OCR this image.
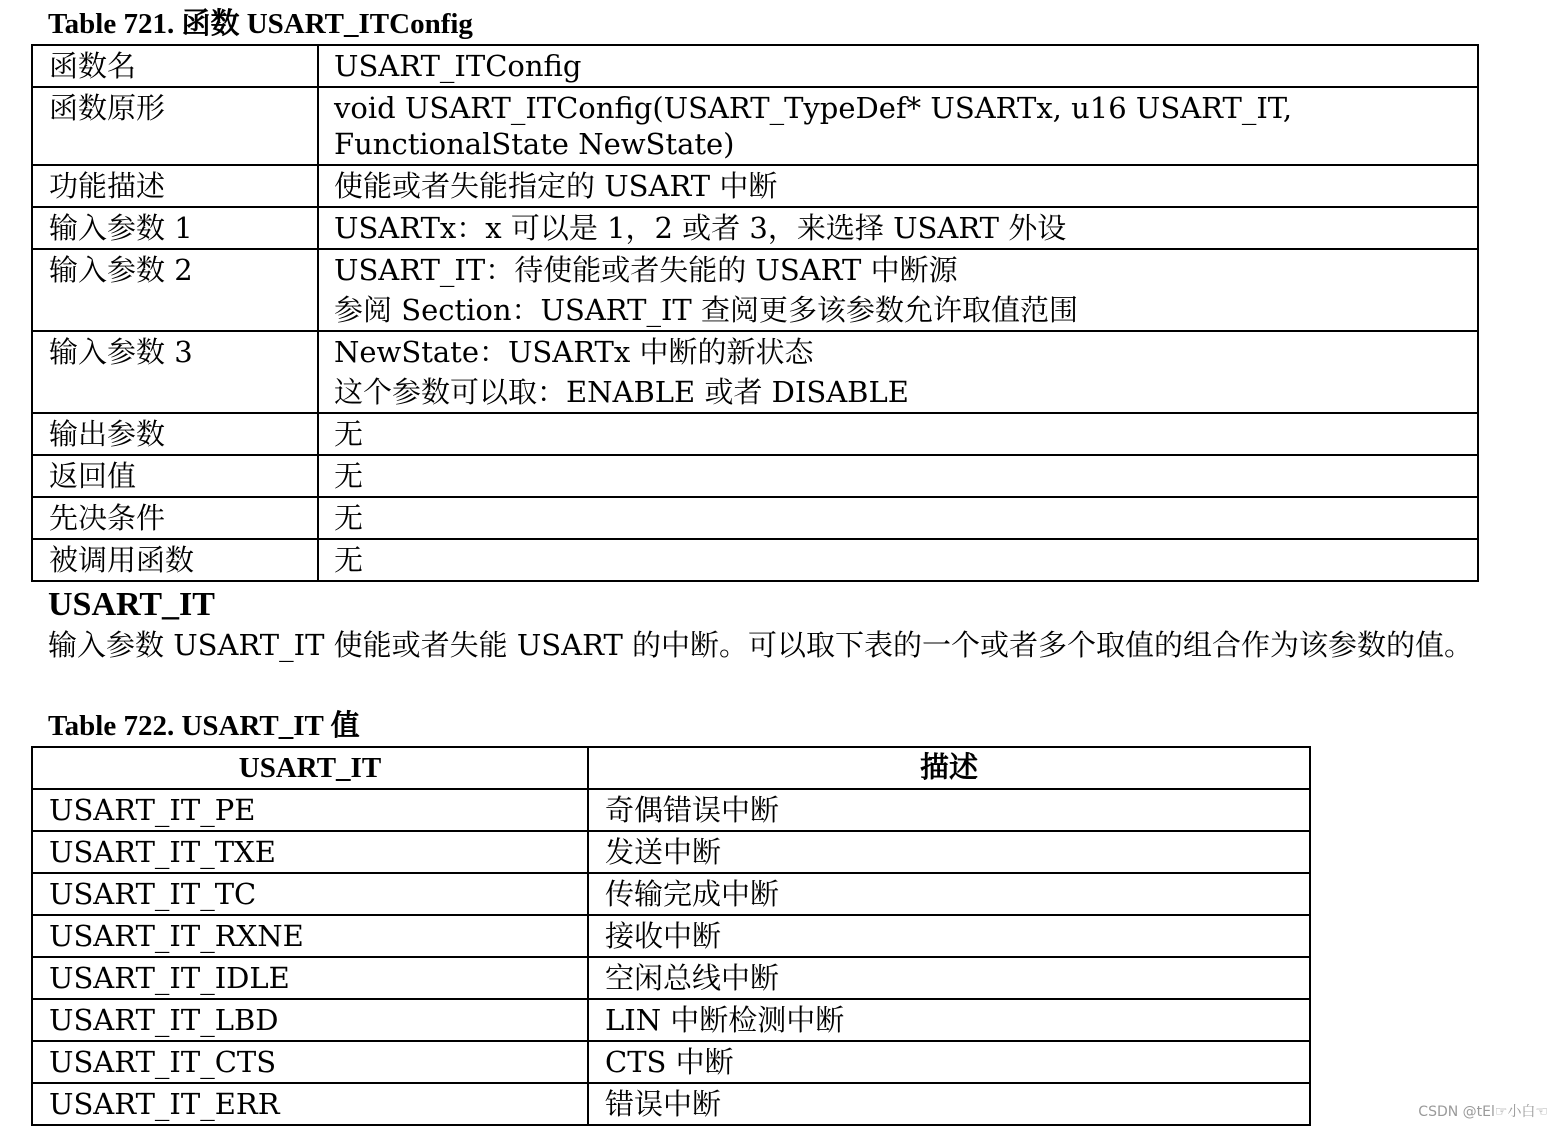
Table 721. 函数 USART_ITConfig

函数名	USART_ITConfig

函数原形	void USART_ITConfig(USART_TypeDef* USARTx, u16 USART_IT, FunctionalState NewState)
功能描述	使能或者失能指定的 USART 中断

输入参数 1	USARTx：x 可以是 1，2 或者 3，来选择 USART 外设

输入参数 2	USART_IT：待使能或者失能的 USART 中断源
参阅 Section：USART_IT 查阅更多该参数允许取值范围

输入参数 3	NewState：USARTx 中断的新状态
这个参数可以取：ENABLE 或者 DISABLE

输出参数	无

返回值	无

先决条件	无

被调用函数	无
USART_IT

输入参数 USART_IT 使能或者失能 USART 的中断。可以取下表的一个或者多个取值的组合作为该参数的值。

Table 722. USART_IT 值

USART_IT	描述
USART_IT_PE	奇偶错误中断
USART_IT_TXE	发送中断
USART_IT_TC	传输完成中断
USART_IT_RXNE	接收中断
USART_IT_IDLE	空闲总线中断
USART_IT_LBD	LIN 中断检测中断
USART_IT_CTS	CTS 中断
USART_IT_ERR	错误中断	CSDN @tEl☞小白☜
